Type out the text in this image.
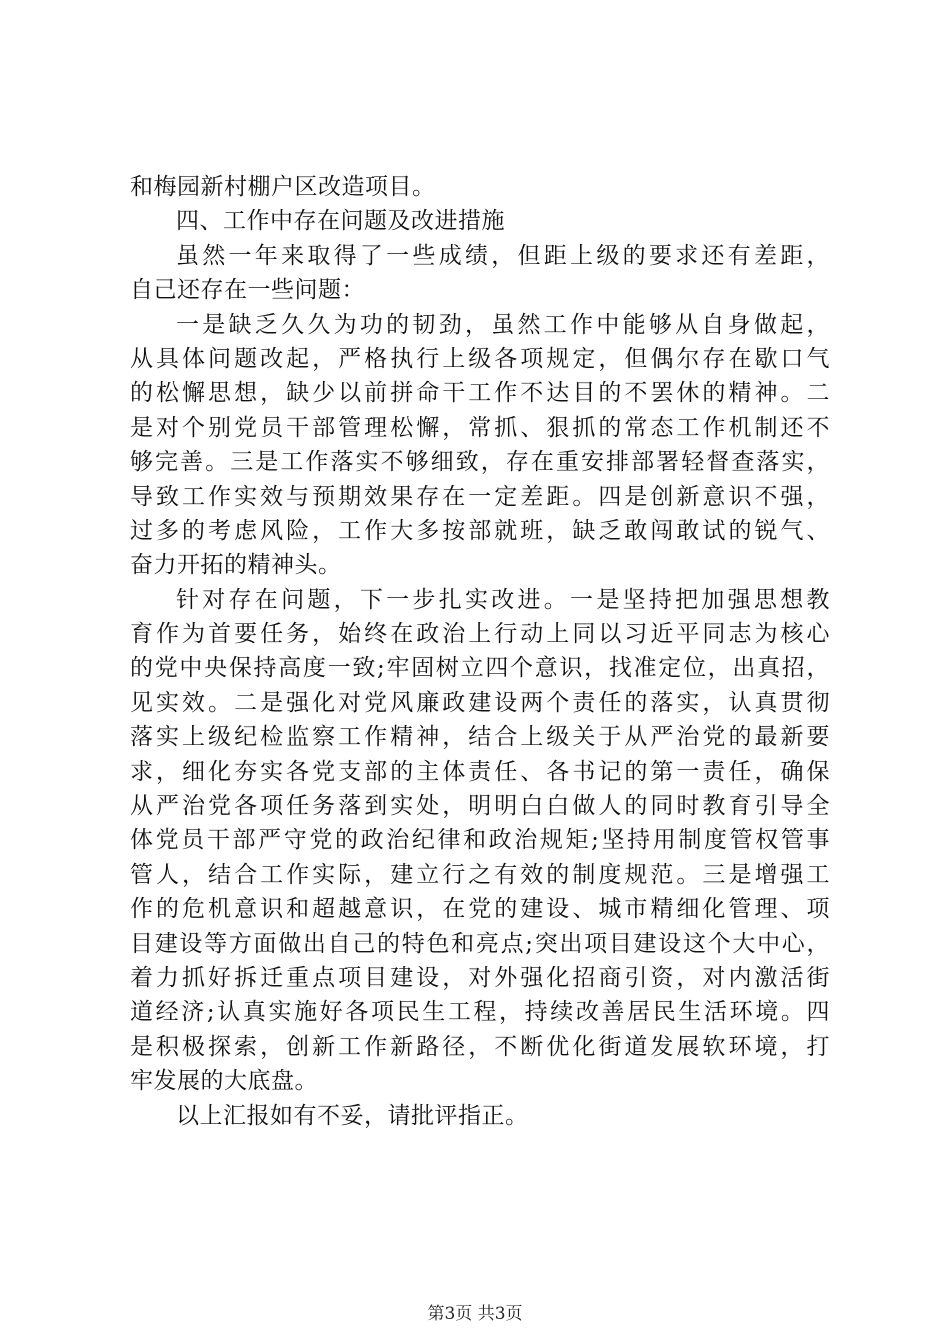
和梅园新村棚户区改造项目。
四、工作中存在问题及改进措施
虽然一年来取得了一些成绩，但距上级的要求还有差距，
自己还存在一些问题：
一是缺乏久久为功的韧劲，虽然工作中能够从自身做起，
从具体问题改起，严格执行上级各项规定，但偶尔存在歇口气
的松懈思想，缺少以前拼命干工作不达目的不罢休的精神。二
是对个别党员干部管理松懈，常抓、狠抓的常态工作机制还不
够完善。三是工作落实不够细致，存在重安排部署轻督查落实，
导致工作实效与预期效果存在一定差距。四是创新意识不强，
过多的考虑风险，工作大多按部就班，缺乏敢闯敢试的锐气、
奋力开拓的精神头。
针对存在问题，下一步扎实改进。一是坚持把加强思想教
育作为首要任务，始终在政治上行动上同以习近平同志为核心
的党中央保持高度一致;牢固树立四个意识，找准定位，出真招，
见实效。二是强化对党风廉政建设两个责任的落实，认真贯彻
落实上级纪检监察工作精神，结合上级关于从严治党的最新要
求，细化夯实各党支部的主体责任、各书记的第一责任，确保
从严治党各项任务落到实处，明明白白做人的同时教育引导全
体党员干部严守党的政治纪律和政治规矩;坚持用制度管权管事
管人，结合工作实际，建立行之有效的制度规范。三是增强工
作的危机意识和超越意识，在党的建设、城市精细化管理、项
目建设等方面做出自己的特色和亮点;突出项目建设这个大中心，
着力抓好拆迁重点项目建设，对外强化招商引资，对内激活街
道经济;认真实施好各项民生工程，持续改善居民生活环境。四
是积极探索，创新工作新路径，不断优化街道发展软环境，打
牢发展的大底盘。
以上汇报如有不妥，请批评指正。
第3页 共3页
